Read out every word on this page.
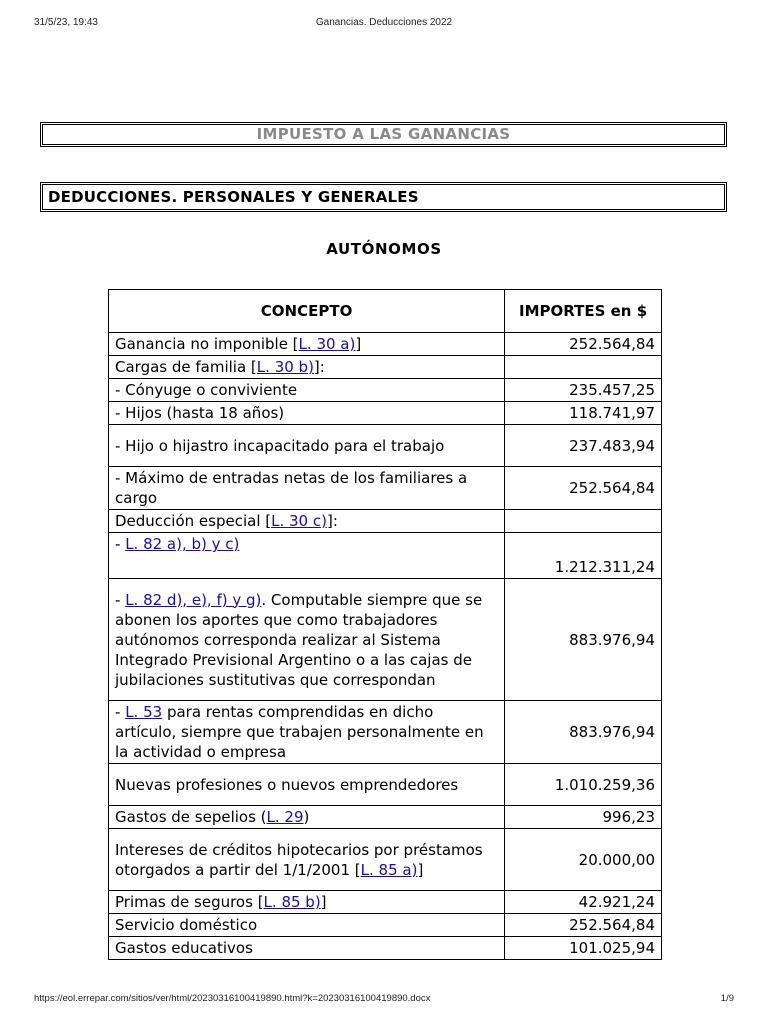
31/5/23, 19:43	Ganancias. Deducciones 2022
IMPUESTO A LAS GANANCIAS
DEDUCCIONES. PERSONALES Y GENERALES
AUTÓNOMOS
CONCEPTO	IMPORTES en $
Ganancia no imponible [L. 30 a)]	252.564,84
Cargas de familia [L. 30 b)]:	
- Cónyuge o conviviente	235.457,25
- Hijos (hasta 18 años)	118.741,97
- Hijo o hijastro incapacitado para el trabajo	237.483,94
- Máximo de entradas netas de los familiares a cargo	252.564,84
Deducción especial [L. 30 c)]:	
- L. 82 a), b) y c)	1.212.311,24
- L. 82 d), e), f) y g). Computable siempre que se abonen los aportes que como trabajadores autónomos corresponda realizar al Sistema Integrado Previsional Argentino o a las cajas de jubilaciones sustitutivas que correspondan	883.976,94
- L. 53 para rentas comprendidas en dicho artículo, siempre que trabajen personalmente en la actividad o empresa	883.976,94
Nuevas profesiones o nuevos emprendedores	1.010.259,36
Gastos de sepelios (L. 29)	996,23
Intereses de créditos hipotecarios por préstamos otorgados a partir del 1/1/2001 [L. 85 a)]	20.000,00
Primas de seguros [L. 85 b)]	42.921,24
Servicio doméstico	252.564,84
Gastos educativos	101.025,94
https://eol.errepar.com/sitios/ver/html/20230316100419890.html?k=20230316100419890.docx	1/9
